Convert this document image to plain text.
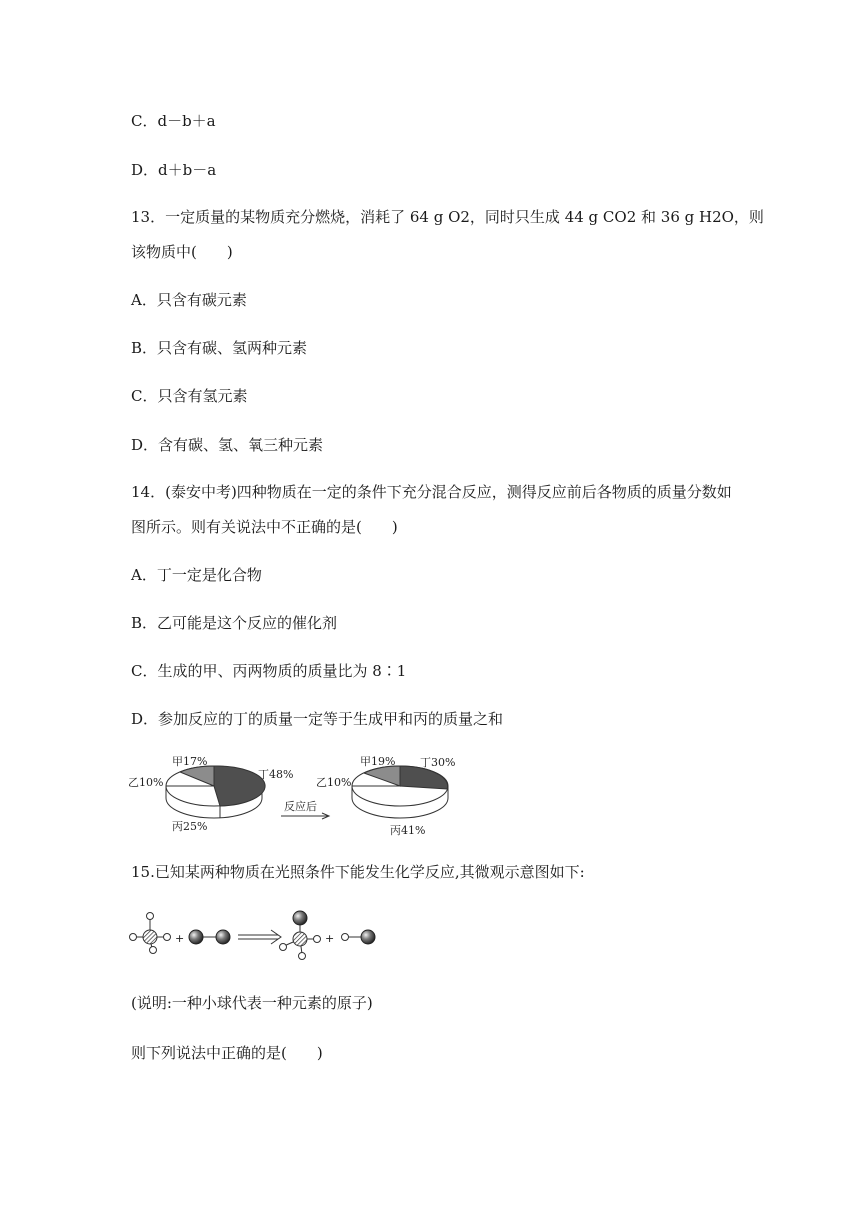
C．d－b＋a
D．d＋b－a
13．一定质量的某物质充分燃烧，消耗了 64 g O2，同时只生成 44 g CO2 和 36 g H2O，则
该物质中(　　)
A．只含有碳元素
B．只含有碳、氢两种元素
C．只含有氢元素
D．含有碳、氢、氧三种元素
14．(泰安中考)四种物质在一定的条件下充分混合反应，测得反应前后各物质的质量分数如
图所示。则有关说法中不正确的是(　　)
A．丁一定是化合物
B．乙可能是这个反应的催化剂
C．生成的甲、丙两物质的质量比为 8∶1
D．参加反应的丁的质量一定等于生成甲和丙的质量之和
甲17%
乙10%
丙25%
丁48%
反应后
甲19%
乙10%
丙41%
丁30%
15.已知某两种物质在光照条件下能发生化学反应,其微观示意图如下:
+	+
(说明:一种小球代表一种元素的原子)
则下列说法中正确的是(　　)
